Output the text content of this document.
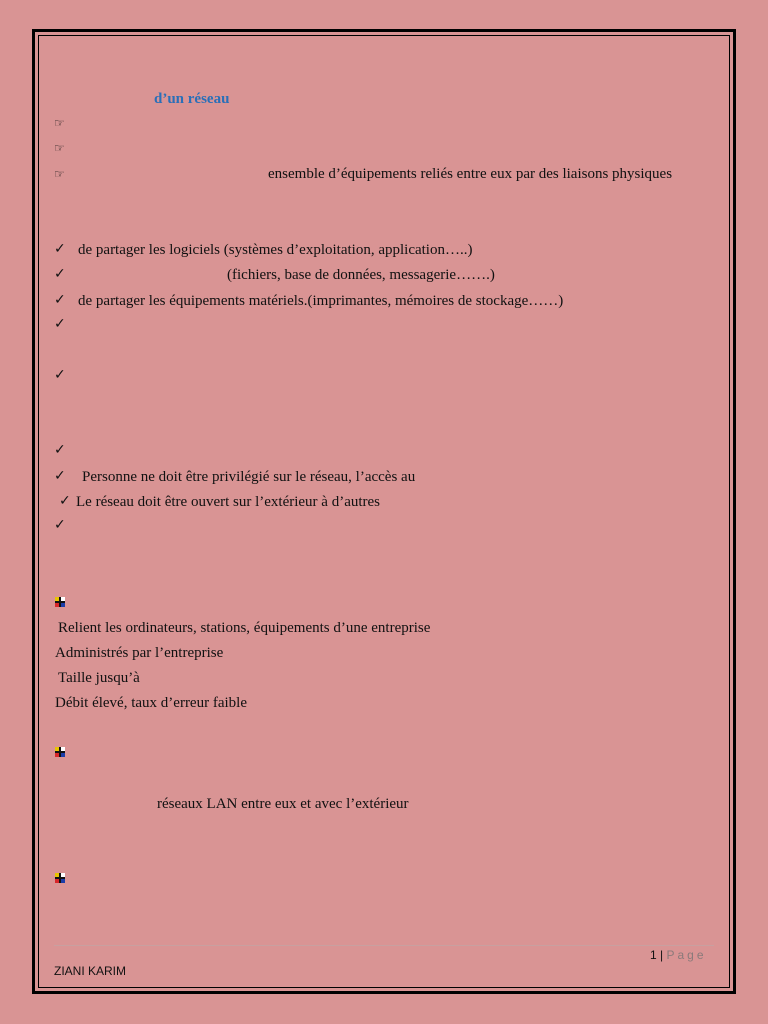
d’un réseau
☞
☞
☞	ensemble d’équipements reliés entre eux par des liaisons physiques
✓ de partager les logiciels (systèmes d’exploitation, application…..)
✓	(fichiers, base de données, messagerie…….)
✓ de partager les équipements matériels.(imprimantes, mémoires de stockage……)
✓
✓
✓
✓ Personne ne doit être privilégié sur le réseau, l’accès au
✓ Le réseau doit être ouvert sur l’extérieur à d’autres
✓
Relient les ordinateurs, stations, équipements d’une entreprise
Administrés par l’entreprise
Taille jusqu’à
Débit élevé, taux d’erreur faible
réseaux LAN entre eux et avec l’extérieur
1 | Page
ZIANI KARIM
